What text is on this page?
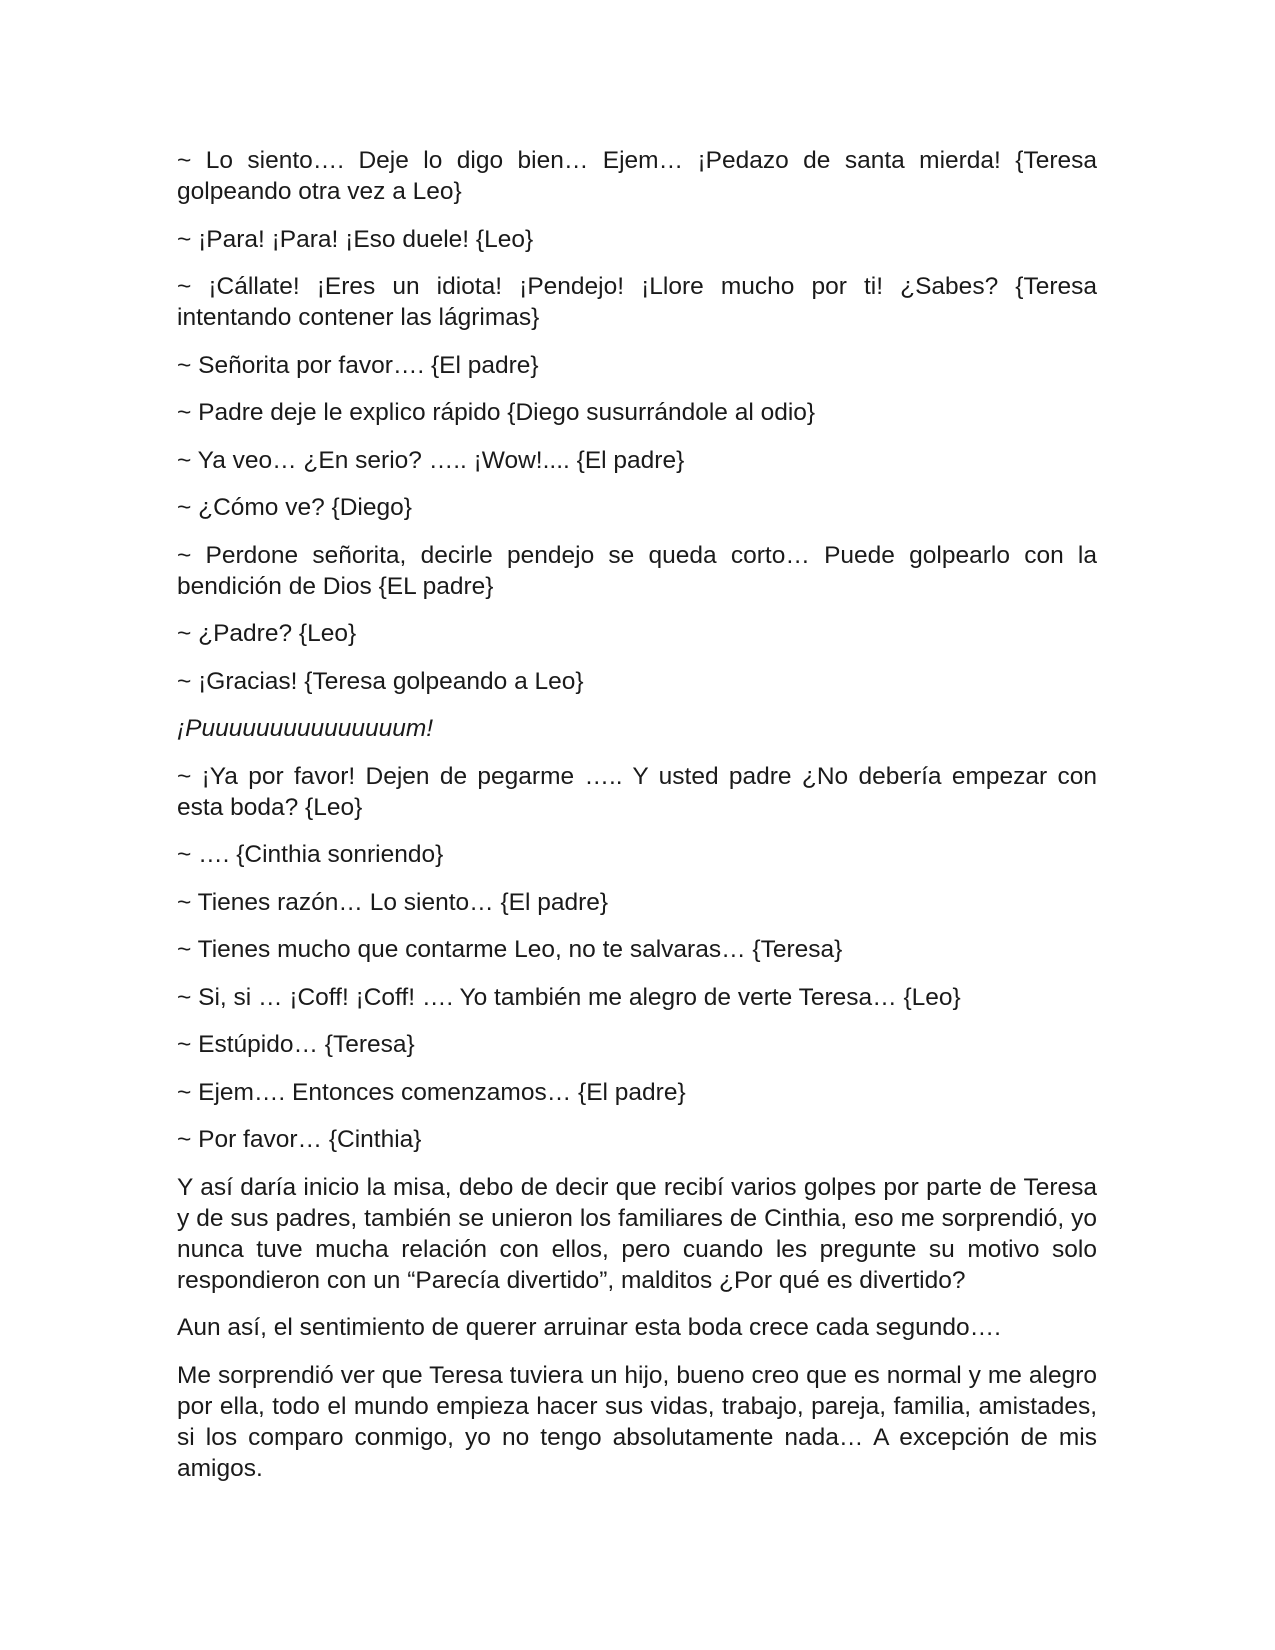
~ Lo siento…. Deje lo digo bien… Ejem… ¡Pedazo de santa mierda! {Teresa golpeando otra vez a Leo}

~ ¡Para! ¡Para! ¡Eso duele! {Leo}

~ ¡Cállate! ¡Eres un idiota! ¡Pendejo! ¡Llore mucho por ti! ¿Sabes? {Teresa intentando contener las lágrimas}

~ Señorita por favor…. {El padre}

~ Padre deje le explico rápido {Diego susurrándole al odio}

~ Ya veo… ¿En serio? ….. ¡Wow!.... {El padre}

~ ¿Cómo ve? {Diego}

~ Perdone señorita, decirle pendejo se queda corto… Puede golpearlo con la bendición de Dios {EL padre}

~ ¿Padre? {Leo}

~ ¡Gracias! {Teresa golpeando a Leo}

¡Puuuuuuuuuuuuuuum!

~ ¡Ya por favor! Dejen de pegarme ….. Y usted padre ¿No debería empezar con esta boda? {Leo}

~ …. {Cinthia sonriendo}

~ Tienes razón… Lo siento… {El padre}

~ Tienes mucho que contarme Leo, no te salvaras… {Teresa}

~ Si, si … ¡Coff! ¡Coff! …. Yo también me alegro de verte Teresa… {Leo}

~ Estúpido… {Teresa}

~ Ejem…. Entonces comenzamos… {El padre}

~ Por favor… {Cinthia}

Y así daría inicio la misa, debo de decir que recibí varios golpes por parte de Teresa y de sus padres, también se unieron los familiares de Cinthia, eso me sorprendió, yo nunca tuve mucha relación con ellos, pero cuando les pregunte su motivo solo respondieron con un “Parecía divertido”, malditos ¿Por qué es divertido?

Aun así, el sentimiento de querer arruinar esta boda crece cada segundo….

Me sorprendió ver que Teresa tuviera un hijo, bueno creo que es normal y me alegro por ella, todo el mundo empieza hacer sus vidas, trabajo, pareja, familia, amistades, si los comparo conmigo, yo no tengo absolutamente nada… A excepción de mis amigos.
